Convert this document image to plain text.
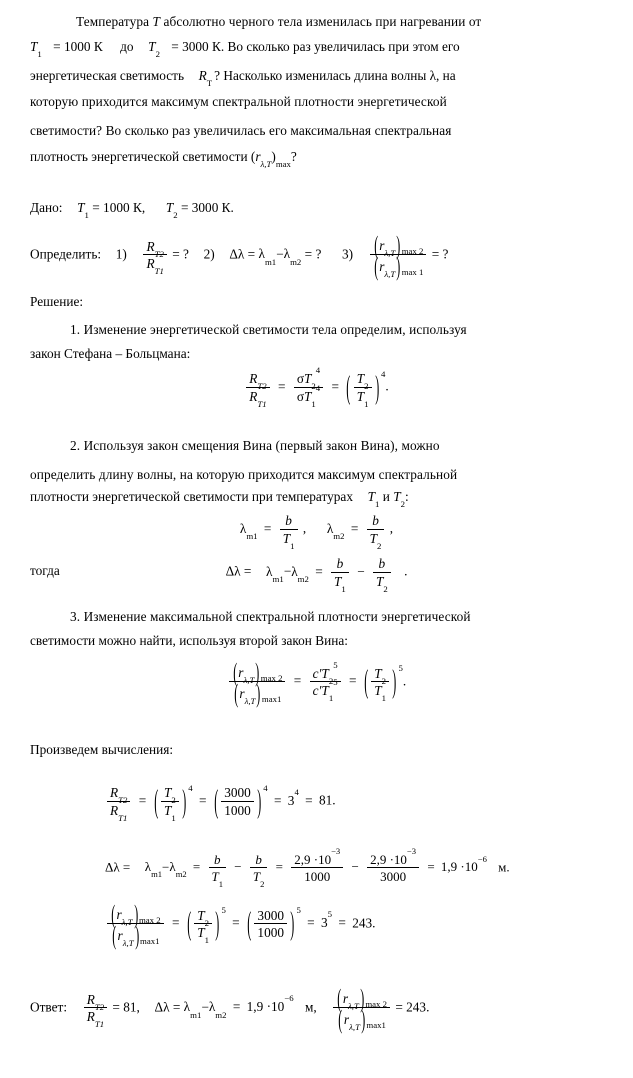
Температура T абсолютно черного тела изменилась при нагревании от
$T_1 = 1000$ К до $T_2 = 3000$ К. Во сколько раз увеличилась при этом его
энергетическая светимость $R_T$? Насколько изменилась длина волны λ, на
которую приходится максимум спектральной плотности энергетической
светимости? Во сколько раз увеличилась его максимальная спектральная
плотность энергетической светимости $(r_{\lambda,T})_{max}$?
Дано: $T_1 = 1000$ К, $T_2 = 3000$ К.
Определить: $1) \frac{R_{T2}}{R_{T1}}$ = ? 2) $\Delta\lambda = \lambda_{m1}-\lambda_{m2}$ = ? $3) \frac{(r_{\lambda,T})_{max 2}}{(r_{\lambda,T})_{max 1}}$ = ?
Решение:
1. Изменение энергетической светимости тела определим, используя
закон Стефана – Больцмана:
$\frac{R_{T2}}{R_{T1}} = \frac{\sigma T_2^4}{\sigma T_1^4}$ = ( $\frac{T_2}{T_1}$ ) 4.
2. Используя закон смещения Вина (первый закон Вина), можно
определить длину волны, на которую приходится максимум спектральной
плотности энергетической светимости при температурах $T_1$ и $T_2$:
$\lambda_{m1} = \frac{b}{T_1}$ , $\lambda_{m2} = \frac{b}{T_2}$ ,
тогда	$\Delta\lambda = \lambda_{m1}-\lambda_{m2} = \frac{b}{T_1} - \frac{b}{T_2}$ .
3. Изменение максимальной спектральной плотности энергетической
светимости можно найти, используя второй закон Вина:
$\frac{(r_{\lambda,T})_{max 2}}{(r_{\lambda,T})_{max1}} = \frac{c'T_2^5}{c'T_1^5}$ = ( $\frac{T_2}{T_1}$ ) 5.
Произведем вычисления:
$\frac{R_{T2}}{R_{T1}}$ = ( $\frac{T_2}{T_1}$ ) 4 = ( $\frac{3000}{1000}$ ) $4 = 3^4 = 81$.
$\Delta\lambda = \lambda_{m1}-\lambda_{m2} = \frac{b}{T_1} - \frac{b}{T_2} = \frac{2,9 \cdot 10^{-3}}{1000} - \frac{2,9 \cdot 10^{-3}}{3000} = 1,9 \cdot 10^{-6}$ м.
$\frac{(r_{\lambda,T})_{max 2}}{(r_{\lambda,T})_{max1}}$ = ( $\frac{T_2}{T_1}$ ) 5 = ( $\frac{3000}{1000}$ ) $5 = 3^5 = 243$.
Ответ: $\frac{R_{T2}}{R_{T1}} = 81$, $\Delta\lambda = \lambda_{m1}-\lambda_{m2} = 1,9 \cdot 10^{-6}$ м, $\frac{(r_{\lambda,T})_{max 2}}{(r_{\lambda,T})_{max1}} = 243$.
